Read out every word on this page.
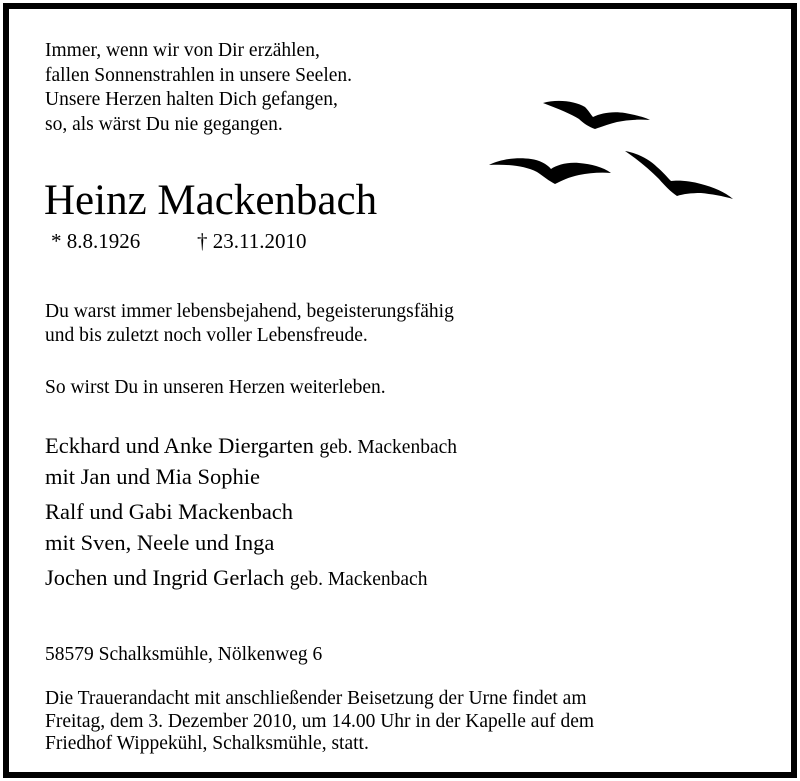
Immer, wenn wir von Dir erzählen,
fallen Sonnenstrahlen in unsere Seelen.
Unsere Herzen halten Dich gefangen,
so, als wärst Du nie gegangen.
Heinz Mackenbach
* 8.8.1926	† 23.11.2010
Du warst immer lebensbejahend, begeisterungsfähig
und bis zuletzt noch voller Lebensfreude.
So wirst Du in unseren Herzen weiterleben.
Eckhard und Anke Diergarten geb. Mackenbach
mit Jan und Mia Sophie
Ralf und Gabi Mackenbach
mit Sven, Neele und Inga
Jochen und Ingrid Gerlach geb. Mackenbach
58579 Schalksmühle, Nölkenweg 6
Die Trauerandacht mit anschließender Beisetzung der Urne findet am
Freitag, dem 3. Dezember 2010, um 14.00 Uhr in der Kapelle auf dem
Friedhof Wippekühl, Schalksmühle, statt.
